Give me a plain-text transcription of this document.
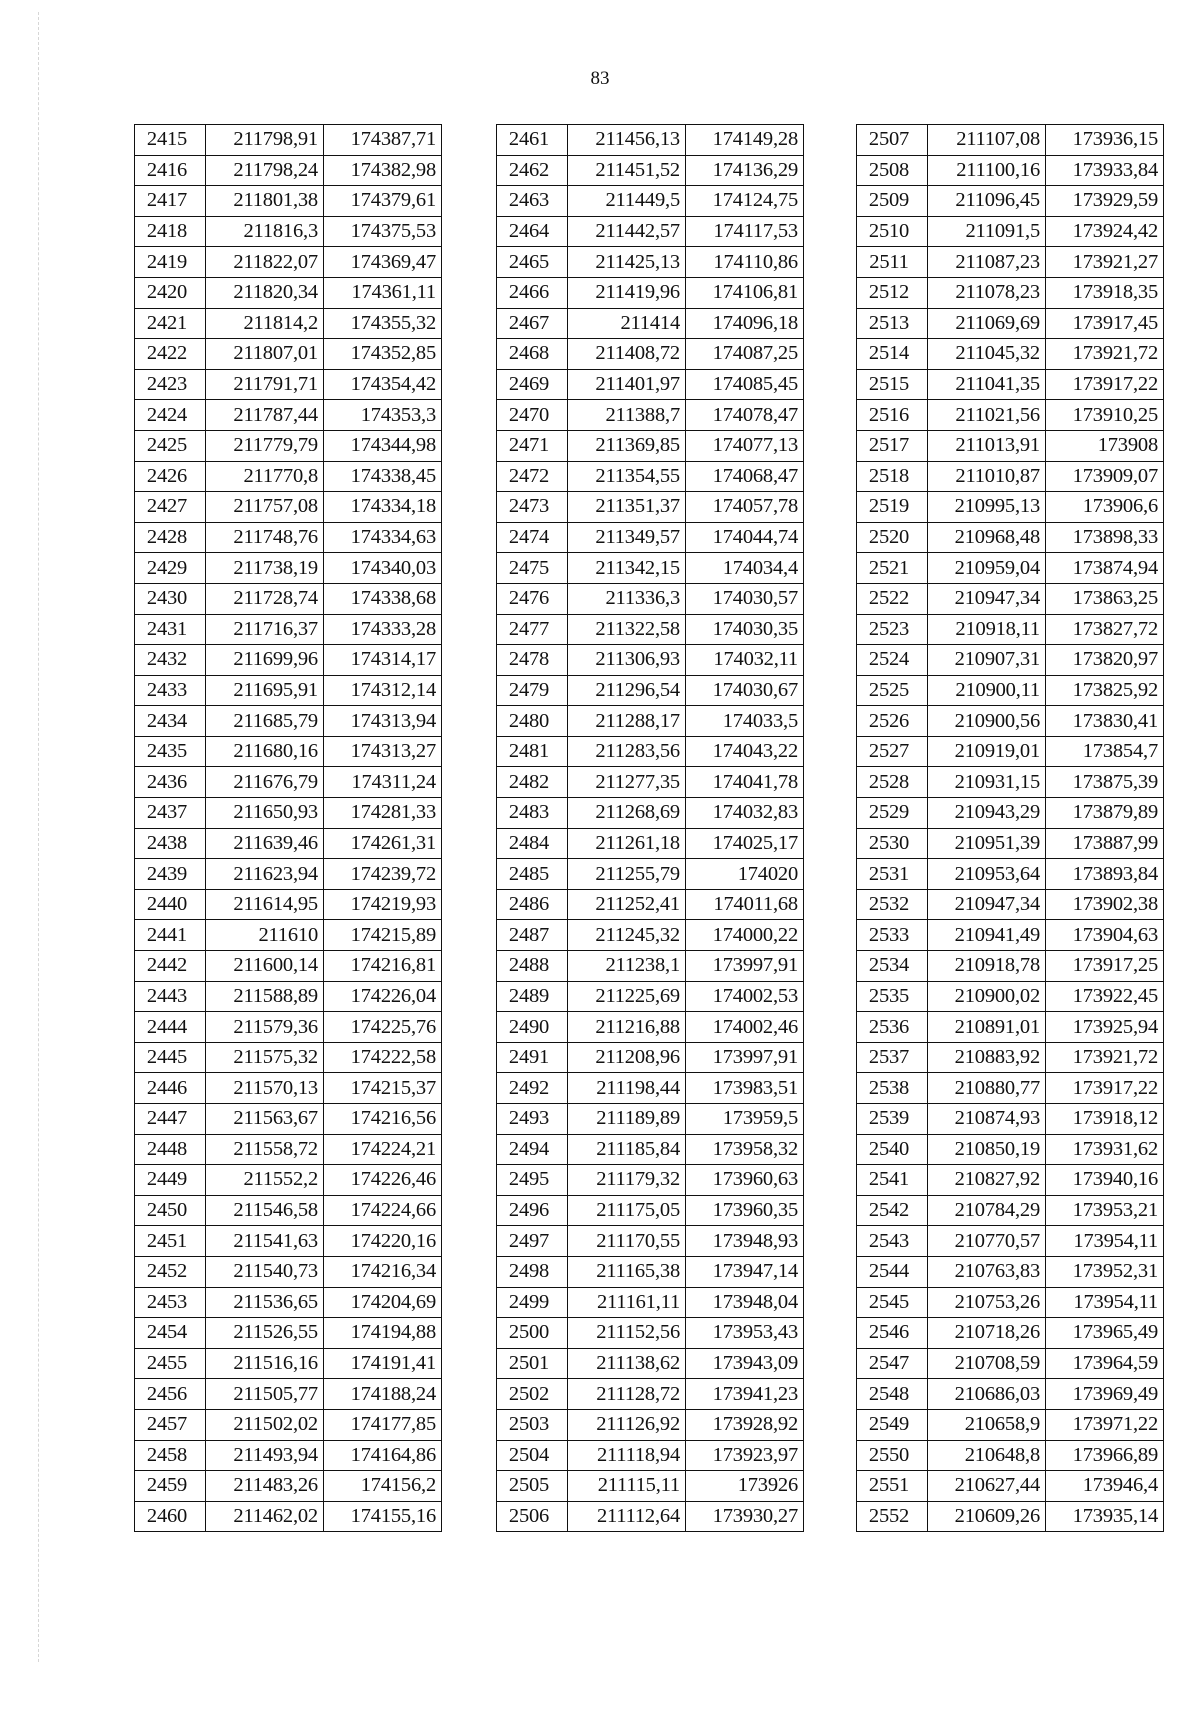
83
2415	211798,91	174387,71
2416	211798,24	174382,98
2417	211801,38	174379,61
2418	211816,3	174375,53
2419	211822,07	174369,47
2420	211820,34	174361,11
2421	211814,2	174355,32
2422	211807,01	174352,85
2423	211791,71	174354,42
2424	211787,44	174353,3
2425	211779,79	174344,98
2426	211770,8	174338,45
2427	211757,08	174334,18
2428	211748,76	174334,63
2429	211738,19	174340,03
2430	211728,74	174338,68
2431	211716,37	174333,28
2432	211699,96	174314,17
2433	211695,91	174312,14
2434	211685,79	174313,94
2435	211680,16	174313,27
2436	211676,79	174311,24
2437	211650,93	174281,33
2438	211639,46	174261,31
2439	211623,94	174239,72
2440	211614,95	174219,93
2441	211610	174215,89
2442	211600,14	174216,81
2443	211588,89	174226,04
2444	211579,36	174225,76
2445	211575,32	174222,58
2446	211570,13	174215,37
2447	211563,67	174216,56
2448	211558,72	174224,21
2449	211552,2	174226,46
2450	211546,58	174224,66
2451	211541,63	174220,16
2452	211540,73	174216,34
2453	211536,65	174204,69
2454	211526,55	174194,88
2455	211516,16	174191,41
2456	211505,77	174188,24
2457	211502,02	174177,85
2458	211493,94	174164,86
2459	211483,26	174156,2
2460	211462,02	174155,16
2461	211456,13	174149,28
2462	211451,52	174136,29
2463	211449,5	174124,75
2464	211442,57	174117,53
2465	211425,13	174110,86
2466	211419,96	174106,81
2467	211414	174096,18
2468	211408,72	174087,25
2469	211401,97	174085,45
2470	211388,7	174078,47
2471	211369,85	174077,13
2472	211354,55	174068,47
2473	211351,37	174057,78
2474	211349,57	174044,74
2475	211342,15	174034,4
2476	211336,3	174030,57
2477	211322,58	174030,35
2478	211306,93	174032,11
2479	211296,54	174030,67
2480	211288,17	174033,5
2481	211283,56	174043,22
2482	211277,35	174041,78
2483	211268,69	174032,83
2484	211261,18	174025,17
2485	211255,79	174020
2486	211252,41	174011,68
2487	211245,32	174000,22
2488	211238,1	173997,91
2489	211225,69	174002,53
2490	211216,88	174002,46
2491	211208,96	173997,91
2492	211198,44	173983,51
2493	211189,89	173959,5
2494	211185,84	173958,32
2495	211179,32	173960,63
2496	211175,05	173960,35
2497	211170,55	173948,93
2498	211165,38	173947,14
2499	211161,11	173948,04
2500	211152,56	173953,43
2501	211138,62	173943,09
2502	211128,72	173941,23
2503	211126,92	173928,92
2504	211118,94	173923,97
2505	211115,11	173926
2506	211112,64	173930,27
2507	211107,08	173936,15
2508	211100,16	173933,84
2509	211096,45	173929,59
2510	211091,5	173924,42
2511	211087,23	173921,27
2512	211078,23	173918,35
2513	211069,69	173917,45
2514	211045,32	173921,72
2515	211041,35	173917,22
2516	211021,56	173910,25
2517	211013,91	173908
2518	211010,87	173909,07
2519	210995,13	173906,6
2520	210968,48	173898,33
2521	210959,04	173874,94
2522	210947,34	173863,25
2523	210918,11	173827,72
2524	210907,31	173820,97
2525	210900,11	173825,92
2526	210900,56	173830,41
2527	210919,01	173854,7
2528	210931,15	173875,39
2529	210943,29	173879,89
2530	210951,39	173887,99
2531	210953,64	173893,84
2532	210947,34	173902,38
2533	210941,49	173904,63
2534	210918,78	173917,25
2535	210900,02	173922,45
2536	210891,01	173925,94
2537	210883,92	173921,72
2538	210880,77	173917,22
2539	210874,93	173918,12
2540	210850,19	173931,62
2541	210827,92	173940,16
2542	210784,29	173953,21
2543	210770,57	173954,11
2544	210763,83	173952,31
2545	210753,26	173954,11
2546	210718,26	173965,49
2547	210708,59	173964,59
2548	210686,03	173969,49
2549	210658,9	173971,22
2550	210648,8	173966,89
2551	210627,44	173946,4
2552	210609,26	173935,14
